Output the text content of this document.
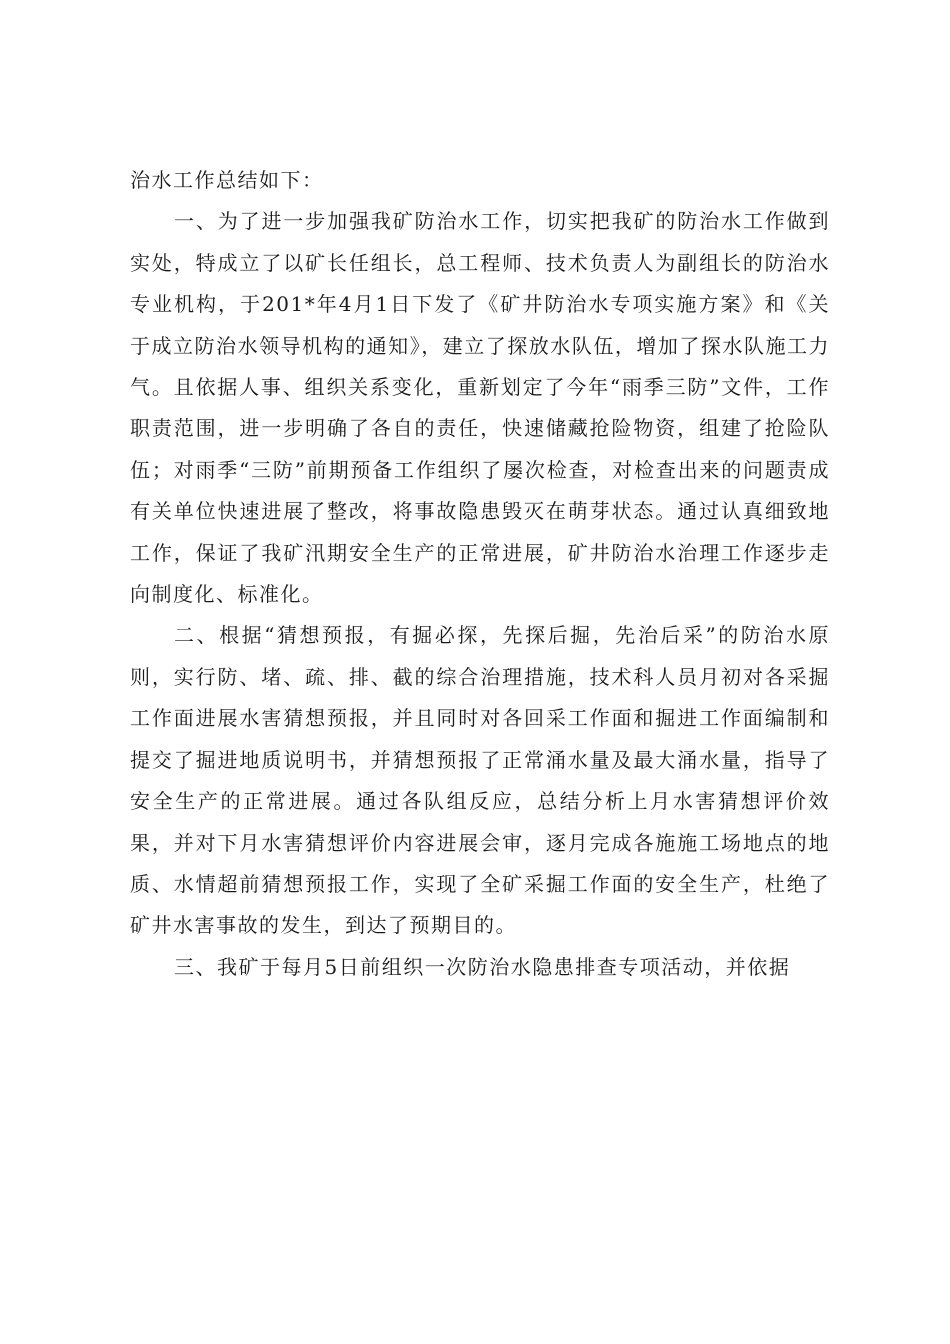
治水工作总结如下：

一、为了进一步加强我矿防治水工作，切实把我矿的防治水工作做到实处，特成立了以矿长任组长，总工程师、技术负责人为副组长的防治水专业机构，于201*年4月1日下发了《矿井防治水专项实施方案》和《关于成立防治水领导机构的通知》，建立了探放水队伍，增加了探水队施工力气。且依据人事、组织关系变化，重新划定了今年“雨季三防”文件，工作职责范围，进一步明确了各自的责任，快速储藏抢险物资，组建了抢险队伍；对雨季“三防”前期预备工作组织了屡次检查，对检查出来的问题责成有关单位快速进展了整改，将事故隐患毁灭在萌芽状态。通过认真细致地工作，保证了我矿汛期安全生产的正常进展，矿井防治水治理工作逐步走向制度化、标准化。

二、根据“猜想预报，有掘必探，先探后掘，先治后采”的防治水原则，实行防、堵、疏、排、截的综合治理措施，技术科人员月初对各采掘工作面进展水害猜想预报，并且同时对各回采工作面和掘进工作面编制和提交了掘进地质说明书，并猜想预报了正常涌水量及最大涌水量，指导了安全生产的正常进展。通过各队组反应，总结分析上月水害猜想评价效果，并对下月水害猜想评价内容进展会审，逐月完成各施施工场地点的地质、水情超前猜想预报工作，实现了全矿采掘工作面的安全生产，杜绝了矿井水害事故的发生，到达了预期目的。

三、我矿于每月5日前组织一次防治水隐患排查专项活动，并依据
